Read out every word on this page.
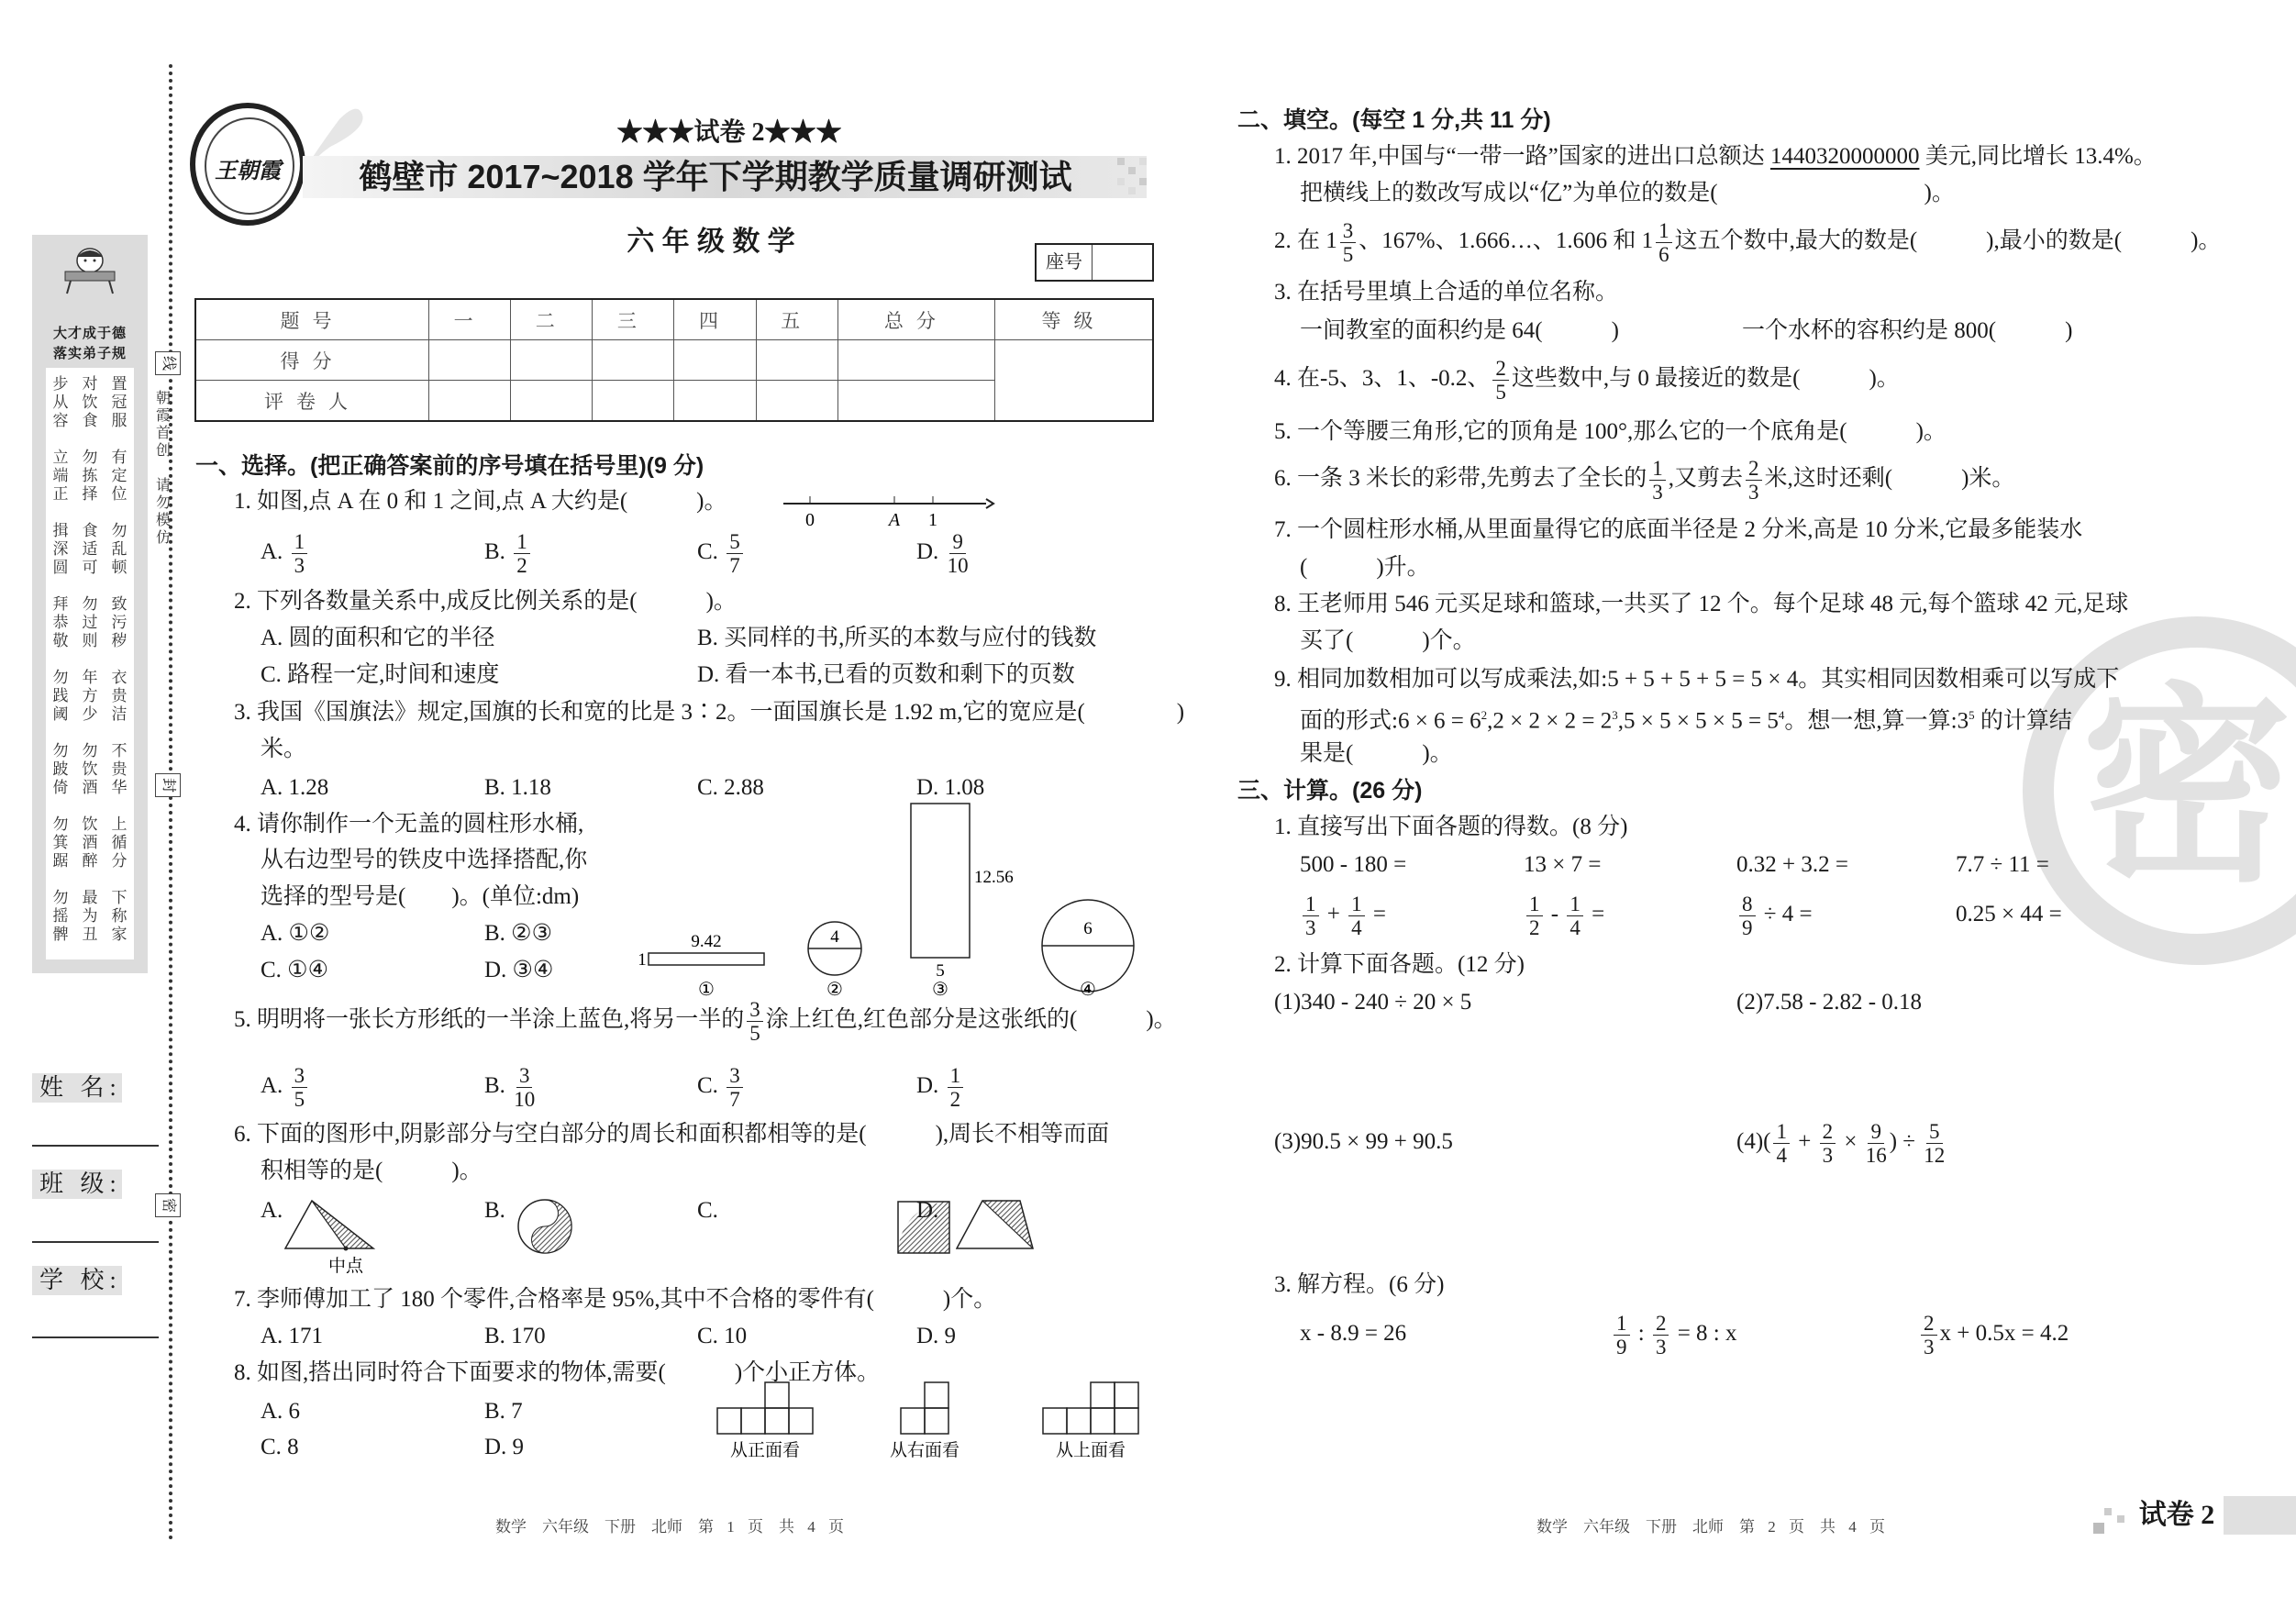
线
封
密
朝霞首创
请勿模仿
大才成于德
落实弟子规
步从容
对饮食
置冠服
立端正
勿拣择
有定位
揖深圆
食适可
勿乱顿
拜恭敬
勿过则
致污秽
勿践阈
年方少
衣贵洁
勿跛倚
勿饮酒
不贵华
勿箕踞
饮酒醉
上循分
勿摇髀
最为丑
下称家
姓 名:
班 级:
学 校:
王朝霞
★★★试卷 2★★★
鹤壁市 2017~2018 学年下学期教学质量调研测试
六 年 级 数 学
座号
题号	一	二	三	四	五	总分	等级
得分							
评卷人							
一、选择。(把正确答案前的序号填在括号里)(9 分)
1. 如图,点 A 在 0 和 1 之间,点 A 大约是(　　　)。
0	A 1
A. $\frac{1}{3}$	B. $\frac{1}{2}$	C. $\frac{5}{7}$	D. $\frac{9}{10}$
2. 下列各数量关系中,成反比例关系的是(　　　)。
A. 圆的面积和它的半径	B. 买同样的书,所买的本数与应付的钱数
C. 路程一定,时间和速度	D. 看一本书,已看的页数和剩下的页数
3. 我国《国旗法》规定,国旗的长和宽的比是 3∶2。一面国旗长是 1.92 m,它的宽应是(　　　　)
米。
A. 1.28	B. 1.18	C. 2.88	D. 1.08
4. 请你制作一个无盖的圆柱形水桶,
从右边型号的铁皮中选择搭配,你
选择的型号是(　　)。(单位:dm)
A. ①②	B. ②③
C. ①④	D. ③④
9.42
1
4
12.56
5
6
①	②	③	④
5. 明明将一张长方形纸的一半涂上蓝色,将另一半的 $\frac{3}{5}$ 涂上红色,红色部分是这张纸的(　　　)。
A. $\frac{3}{5}$	B. $\frac{3}{10}$	C. $\frac{3}{7}$	D. $\frac{1}{2}$
6. 下面的图形中,阴影部分与空白部分的周长和面积都相等的是(　　　),周长不相等而面
积相等的是(　　　)。
A.	B.	C.	D.
中点
7. 李师傅加工了 180 个零件,合格率是 95%,其中不合格的零件有(　　　)个。
A. 171	B. 170	C. 10	D. 9
8. 如图,搭出同时符合下面要求的物体,需要(　　　)个小正方体。
A. 6	B. 7
C. 8	D. 9	从正面看	从右面看	从上面看
数学　六年级　下册　北师　第 1 页　共 4 页
密
二、填空。(每空 1 分,共 11 分)
1. 2017 年,中国与“一带一路”国家的进出口总额达 1440320000000 美元,同比增长 13.4%。
把横线上的数改写成以“亿”为单位的数是(　　　　　　　　　)。
2. 在 $1 \frac{3}{5}$ 、167%、1.666…、1.606 和 $1 \frac{1}{6}$ 这五个数中,最大的数是(　　　),最小的数是(　　　)。
3. 在括号里填上合适的单位名称。
一间教室的面积约是 64(　　　)	一个水杯的容积约是 800(　　　)
4. 在-5、3、1、-0.2、 $\frac{2}{5}$ 这些数中,与 0 最接近的数是(　　　)。
5. 一个等腰三角形,它的顶角是 100°,那么它的一个底角是(　　　)。
6. 一条 3 米长的彩带,先剪去了全长的 $\frac{1}{3}$ ,又剪去 $\frac{2}{3}$ 米,这时还剩(　　　)米。
7. 一个圆柱形水桶,从里面量得它的底面半径是 2 分米,高是 10 分米,它最多能装水
(　　　)升。
8. 王老师用 546 元买足球和篮球,一共买了 12 个。每个足球 48 元,每个篮球 42 元,足球
买了(　　　)个。
9. 相同加数相加可以写成乘法,如:5 + 5 + 5 + 5 = 5 × 4。其实相同因数相乘可以写成下
面的形式:6 × $6 = 6^2,2 \times 2 \times 2 = 2^3,5 \times 5 \times 5 \times 5 = 5^4$。想一想,算一算$:3^5$ 的计算结
果是(　　　)。
三、计算。(26 分)
1. 直接写出下面各题的得数。(8 分)
500 - 180 =	13 × 7 =	0.32 + 3.2 =	7.7 ÷ 11 =
$\frac{1}{3} + \frac{1}{4}$ =	$\frac{1}{2} - \frac{1}{4}$ =	$\frac{8}{9} \div 4$ =	0.25 × 44 =
2. 计算下面各题。(12 分)
(1)340 - 240 ÷ 20 × 5	(2)7.58 - 2.82 - 0.18
(3)90.5 × 99 + 90.5	$(4)( \frac{1}{4} + \frac{2}{3} \times \frac{9}{16}$ ) ÷ $\frac{5}{12}$
3. 解方程。(6 分)
x - 8.9 = 26	$\frac{1}{9}$ : $\frac{2}{3} = 8$ : x	$\frac{2}{3}$ x + 0.5x = 4.2
数学　六年级　下册　北师　第 2 页　共 4 页	试卷 2
